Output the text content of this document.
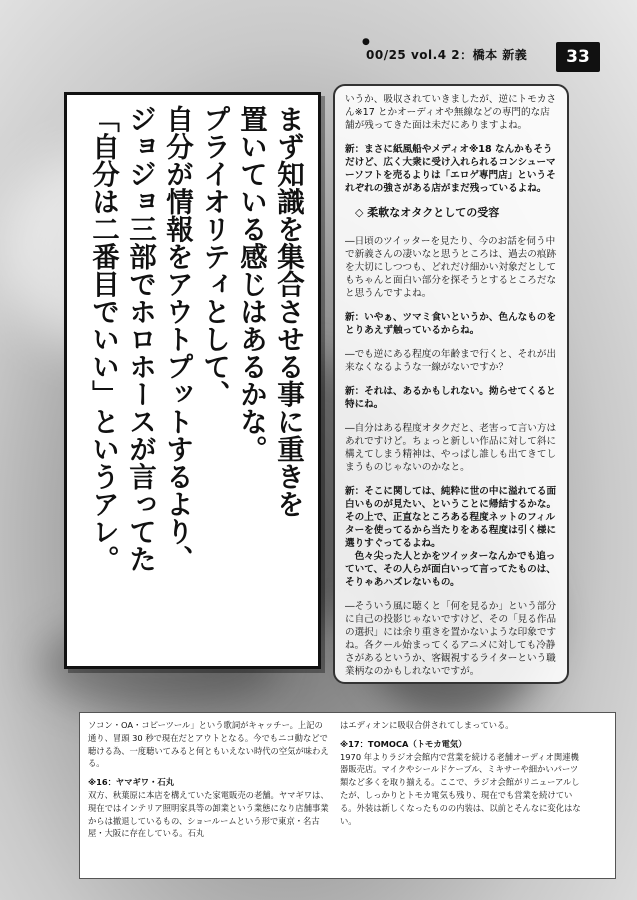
●
00/25 vol.4 2：橋本 新義	33
まず知識を集合させる事に重きを
置いている感じはあるかな。
プライオリティとして、
自分が情報をアウトプットするより、
ジョジョ三部でホロホースが言ってた
「自分は二番目でいい」というアレ。

いうか、吸収されていきましたが、逆にトモカさん※17 とかオーディオや無線などの専門的な店舗が残ってきた面は未だにありますよね。

新：まさに紙風船やメディオ※18 なんかもそうだけど、広く大衆に受け入れられるコンシューマーソフトを売るよりは「エロゲ専門店」というそれぞれの強さがある店がまだ残っているよね。

◇ 柔軟なオタクとしての受容

―日頃のツイッターを見たり、今のお話を伺う中で新義さんの凄いなと思うところは、過去の痕跡を大切にしつつも、どれだけ細かい対象だとしてもちゃんと面白い部分を探そうとするところだなと思うんですよね。

新：いやぁ、ツマミ食いというか、色んなものをとりあえず触っているからね。

―でも逆にある程度の年齢まで行くと、それが出来なくなるような一線がないですか？

新：それは、あるかもしれない。拗らせてくると特にね。

―自分はある程度オタクだと、老害って言い方はあれですけど。ちょっと新しい作品に対して斜に構えてしまう精神は、やっぱし誰しも出てきてしまうものじゃないのかなと。

新：そこに関しては、純粋に世の中に溢れてる面白いものが見たい、ということに帰結するかな。その上で、正直なところある程度ネットのフィルターを使ってるから当たりをある程度は引く様に選りすぐってるよね。

色々尖った人とかをツイッターなんかでも追っていて、その人らが面白いって言ってたものは、そりゃあハズレないもの。

―そういう風に聴くと「何を見るか」という部分に自己の投影じゃないですけど、その「見る作品の選択」には余り重きを置かないような印象ですね。各クール始まってくるアニメに対しても冷静さがあるというか、客観視するライターという職業柄なのかもしれないですが。

ソコン・OA・コピーツール」という歌詞がキャッチー。上記の通り、冒頭 30 秒で現在だとアウトとなる。今でもニコ動などで聴ける為、一度聴いてみると何ともいえない時代の空気が味わえる。

※16：ヤマギワ・石丸

双方、秋葉原に本店を構えていた家電販売の老舗。ヤマギワは、現在ではインテリア照明家具等の卸業という業態になり店舗事業からは撤退しているもの、ショールームという形で東京・名古屋・大阪に存在している。石丸

はエディオンに吸収合併されてしまっている。

※17：TOMOCA（トモカ電気）

1970 年よりラジオ会館内で営業を続ける老舗オーディオ関連機器販売店。マイクやシールドケーブル、ミキサーや細かいパーツ類など多くを取り揃える。ここで、ラジオ会館がリニューアルしたが、しっかりとトモカ電気も残り、現在でも営業を続けている。外装は新しくなったものの内装は、以前とそんなに変化はない。
